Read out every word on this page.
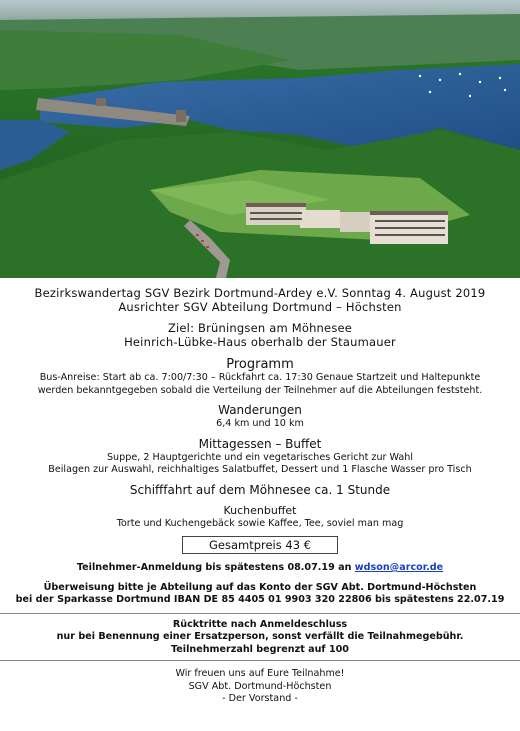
Bezirkswandertag SGV Bezirk Dortmund-Ardey e.V. Sonntag 4. August 2019

Ausrichter SGV Abteilung Dortmund – Höchsten

Ziel: Brüningsen am Möhnesee

Heinrich-Lübke-Haus oberhalb der Staumauer

Programm

Bus-Anreise: Start ab ca. 7:00/7:30 – Rückfahrt ca. 17:30 Genaue Startzeit und Haltepunkte

werden bekanntgegeben sobald die Verteilung der Teilnehmer auf die Abteilungen feststeht.

Wanderungen

6,4 km und 10 km

Mittagessen – Buffet

Suppe, 2 Hauptgerichte und ein vegetarisches Gericht zur Wahl

Beilagen zur Auswahl, reichhaltiges Salatbuffet, Dessert und 1 Flasche Wasser pro Tisch

Schifffahrt auf dem Möhnesee ca. 1 Stunde

Kuchenbuffet

Torte und Kuchengebäck sowie Kaffee, Tee, soviel man mag

Gesamtpreis 43 €

Teilnehmer-Anmeldung bis spätestens 08.07.19 an wdson@arcor.de

Überweisung bitte je Abteilung auf das Konto der SGV Abt. Dortmund-Höchsten

bei der Sparkasse Dortmund IBAN DE 85 4405 01 9903 320 22806 bis spätestens 22.07.19

Rücktritte nach Anmeldeschluss

nur bei Benennung einer Ersatzperson, sonst verfällt die Teilnahmegebühr.

Teilnehmerzahl begrenzt auf 100

Wir freuen uns auf Eure Teilnahme!

SGV Abt. Dortmund-Höchsten

- Der Vorstand -
